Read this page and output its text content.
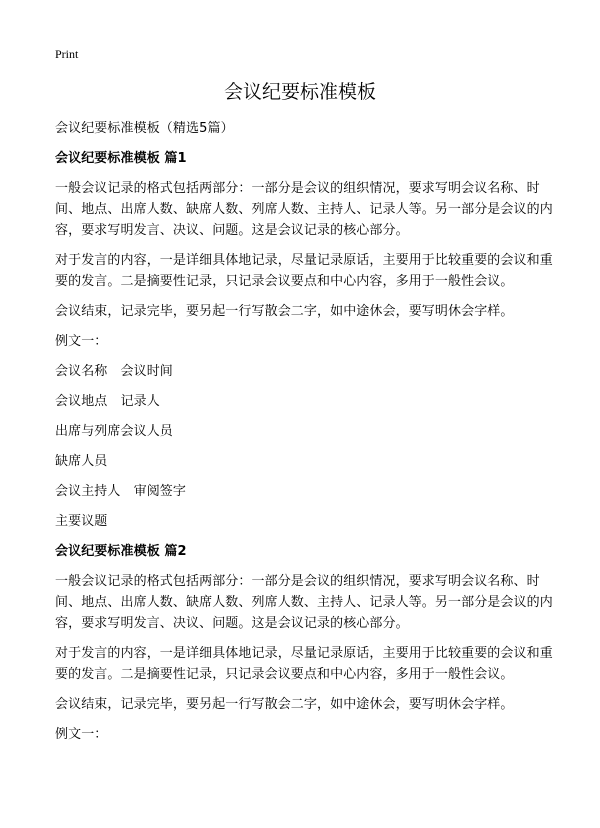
Print
会议纪要标准模板

会议纪要标准模板（精选5篇）

会议纪要标准模板 篇1

一般会议记录的格式包括两部分：一部分是会议的组织情况，要求写明会议名称、时间、地点、出席人数、缺席人数、列席人数、主持人、记录人等。另一部分是会议的内容，要求写明发言、决议、问题。这是会议记录的核心部分。

对于发言的内容，一是详细具体地记录，尽量记录原话，主要用于比较重要的会议和重要的发言。二是摘要性记录，只记录会议要点和中心内容，多用于一般性会议。

会议结束，记录完毕，要另起一行写散会二字，如中途休会，要写明休会字样。

例文一：

会议名称　会议时间

会议地点　记录人

出席与列席会议人员

缺席人员

会议主持人　审阅签字

主要议题

会议纪要标准模板 篇2

一般会议记录的格式包括两部分：一部分是会议的组织情况，要求写明会议名称、时间、地点、出席人数、缺席人数、列席人数、主持人、记录人等。另一部分是会议的内容，要求写明发言、决议、问题。这是会议记录的核心部分。

对于发言的内容，一是详细具体地记录，尽量记录原话，主要用于比较重要的会议和重要的发言。二是摘要性记录，只记录会议要点和中心内容，多用于一般性会议。

会议结束，记录完毕，要另起一行写散会二字，如中途休会，要写明休会字样。

例文一：
